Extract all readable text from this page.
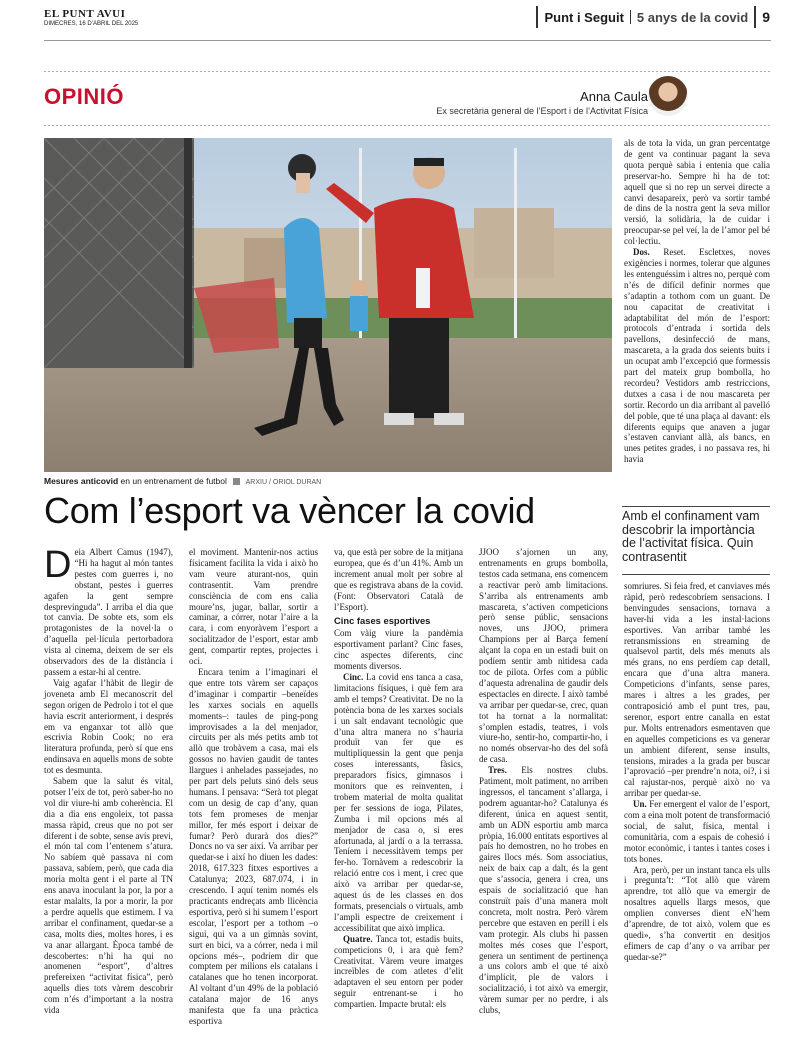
EL PUNT AVUI
DIMECRES, 16 D’ABRIL DEL 2025	Punt i Seguit 5 anys de la covid 9
OPINIÓ	Anna Caula
Ex secretària general de l’Esport i de l’Activitat Física
Mesures anticovid en un entrenament de futbol	ARXIU / ORIOL DURAN
Com l’esport va vèncer la covid

Deia Albert Camus (1947), “Hi ha hagut al món tantes pestes com guerres i, no obstant, pestes i guerres agafen la gent sempre desprevinguda”. I arriba el dia que tot canvia. De sobte ets, som els protagonistes de la novel·la o d’aquella pel·lícula pertorbadora vista al cinema, deixem de ser els observadors des de la distància i passem a estar-hi al centre.

Vaig agafar l’hàbit de llegir de joveneta amb El mecanoscrit del segon origen de Pedrolo i tot el que havia escrit anteriorment, i després em va enganxar tot allò que escrivia Robin Cook; no era literatura profunda, però sí que ens endinsava en aquells mons de sobte tot es desmunta.

Sabem que la salut és vital, potser l’eix de tot, però saber-ho no vol dir viure-hi amb coherència. El dia a dia ens engoleix, tot passa massa ràpid, creus que no pot ser diferent i de sobte, sense avís previ, el món tal com l’entenem s’atura. No sabíem què passava ni com passava, sabíem, però, que cada dia moria molta gent i el parte al TN ens anava inoculant la por, la por a estar malalts, la por a morir, la por a perdre aquells que estimem. I va arribar el confinament, quedar-se a casa, molts dies, moltes hores, i es va anar allargant. Època també de descobertes: n’hi ha qui no anomenen “esport”, d’altres prefereixen “activitat física”, però aquells dies tots vàrem descobrir com n’és d’important a la nostra vida

el moviment. Mantenir-nos actius físicament facilita la vida i això ho vam veure aturant-nos, quin contrasentit. Vam prendre consciència de com ens calia moure’ns, jugar, ballar, sortir a caminar, a córrer, notar l’aire a la cara, i com enyoràvem l’esport a socialitzador de l’esport, estar amb gent, compartir reptes, projectes i oci.

Encara tenim a l’imaginari el que entre tots vàrem ser capaços d’imaginar i compartir –beneïdes les xarxes socials en aquells moments–: taules de ping-pong improvisades a la del menjador, circuits per als més petits amb tot allò que trobàvem a casa, mai els gossos no havien gaudit de tantes llargues i anhelades passejades, no per part dels peluts sinó dels seus humans. I pensava: “Serà tot plegat com un desig de cap d’any, quan tots fem promeses de menjar millor, fer més esport i deixar de fumar? Però durarà dos dies?” Doncs no va ser així. Va arribar per quedar-se i així ho diuen les dades: 2018, 617.323 fitxes esportives a Catalunya; 2023, 687.074, i in crescendo. I aquí tenim només els practicants endreçats amb llicència esportiva, però si hi sumem l’esport escolar, l’esport per a tothom –o sigui, qui va a un gimnàs sovint, surt en bici, va a córrer, neda i mil opcions més–, podríem dir que comptem per milions els catalans i catalanes que ho tenen incorporat. Al voltant d’un 49% de la població catalana major de 16 anys manifesta que fa una pràctica esportiva

va, que està per sobre de la mitjana europea, que és d’un 41%. Amb un increment anual molt per sobre al que es registrava abans de la covid. (Font: Observatori Català de l’Esport).

Cinc fases esportives

Com vàig viure la pandèmia esportivament parlant? Cinc fases, cinc aspectes diferents, cinc moments diversos.

Cinc. La covid ens tanca a casa, limitacions físiques, i què fem ara amb el temps? Creativitat. De no la potència bona de les xarxes socials i un salt endavant tecnològic que d’una altra manera no s’hauria produït van fer que es multipliquessin la gent que penja coses interessants, fàsics, preparadors físics, gimnasos i monitors que es reinventen, i trobem material de molta qualitat per fer sessions de ioga, Pilates, Zumba i mil opcions més al menjador de casa o, si eres afortunada, al jardí o a la terrassa. Teníem i necessitàvem temps per fer-ho. Tornàvem a redescobrir la relació entre cos i ment, i crec que això va arribar per quedar-se, aquest ús de les classes en dos formats, presencials o virtuals, amb l’ampli espectre de creixement i accessibilitat que això implica.

Quatre. Tanca tot, estadis buits, competicions 0, i ara què fem? Creativitat. Vàrem veure imatges increïbles de com atletes d’elit adaptaven el seu entorn per poder seguir entrenant-se i ho compartien. Impacte brutal: els

JJOO s’ajornen un any, entrenaments en grups bombolla, testos cada setmana, ens comencem a reactivar però amb limitacions. S’arriba als entrenaments amb mascareta, s’activen competicions però sense públic, sensacions noves, uns JJOO, primera Champions per al Barça femení alçant la copa en un estadi buit on podíem sentir amb nitidesa cada toc de pilota. Orfes com a públic d’aquesta adrenalina de gaudir dels espectacles en directe. I això també va arribar per quedar-se, crec, quan tot ha tornat a la normalitat: s’omplen estadis, teatres, i vols viure-ho, sentir-ho, compartir-ho, i no només observar-ho des del sofà de casa.

Tres. Els nostres clubs. Patiment, molt patiment, no arriben ingressos, el tancament s’allarga, i podrem aguantar-ho? Catalunya és diferent, única en aquest sentit, amb un ADN esportiu amb marca pròpia, 16.000 entitats esportives al país ho demostren, no ho trobes en gaires llocs més. Som associatius, neix de baix cap a dalt, és la gent que s’associa, genera i crea, uns espais de socialització que han construït país d’una manera molt concreta, molt nostra. Però vàrem percebre que estaven en perill i els vam protegir. Als clubs hi passen moltes més coses que l’esport, genera un sentiment de pertinença a uns colors amb el que té això d’implícit, ple de valors i socialització, i tot això va emergir, vàrem sumar per no perdre, i als clubs,

als de tota la vida, un gran percentatge de gent va continuar pagant la seva quota perquè sabia i entenia que calia preservar-ho. Sempre hi ha de tot: aquell que si no rep un servei directe a canvi desapareix, però va sortir també de dins de la nostra gent la seva millor versió, la solidària, la de cuidar i preocupar-se pel veí, la de l’amor pel bé col·lectiu.

Dos. Reset. Escletxes, noves exigències i normes, tolerar que algunes les entenguéssim i altres no, perquè com n’és de difícil definir normes que s’adaptin a tothom com un guant. De nou capacitat de creativitat i adaptabilitat del món de l’esport: protocols d’entrada i sortida dels pavellons, desinfecció de mans, mascareta, a la grada dos seients buits i un ocupat amb l’excepció que formessis part del mateix grup bombolla, ho recordeu? Vestidors amb restriccions, dutxes a casa i de nou mascareta per sortir. Recordo un dia arribant al pavelló del poble, que té una plaça al davant: els diferents equips que anaven a jugar s’estaven canviant allà, als bancs, en unes petites grades, i no passava res, hi havia

Amb el confinament vam descobrir la importància de l’activitat física. Quin contrasentit

somriures. Si feia fred, et canviaves més ràpid, però redescobríem sensacions. I benvingudes sensacions, tornava a haver-hi vida a les instal·lacions esportives. Van arribar també les retransmissions en streaming de qualsevol partit, dels més menuts als més grans, no ens perdíem cap detall, encara que d’una altra manera. Competicions d’infants, sense pares, mares i altres a les grades, per contraposició amb el punt tres, pau, serenor, esport entre canalla en estat pur. Molts entrenadors esmentaven que en aquelles competicions es va generar un ambient diferent, sense insults, tensions, mirades a la grada per buscar l’aprovació –per prendre’n nota, oi?, i si cal rajustar-nos, perquè això no va arribar per quedar-se.

Un. Fer emergent el valor de l’esport, com a eina molt potent de transformació social, de salut, física, mental i comunitària, com a espais de cohesió i motor econòmic, i tantes i tantes coses i tots bones.

Ara, però, per un instant tanca els ulls i pregunta’t: “Tot allò que vàrem aprendre, tot allò que va emergir de nosaltres aquells llargs mesos, que omplien converses dient eN’hem d’aprendre, de tot això, volem que es quedi», s’ha convertit en desitjos efímers de cap d’any o va arribar per quedar-se?”
